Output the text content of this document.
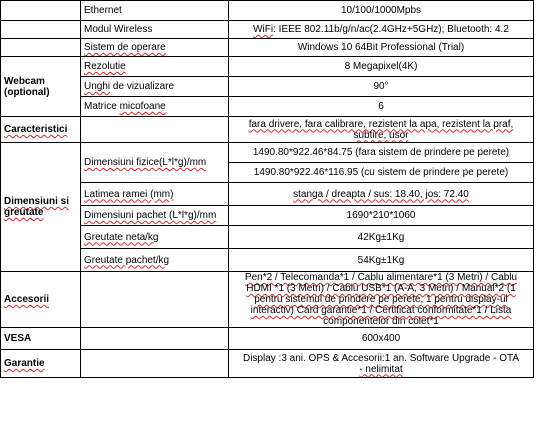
	Ethernet	10/100/1000Mpbs
	Modul Wireless	WiFi: IEEE 802.11b/g/n/ac(2.4GHz+5GHz); Bluetooth: 4.2
	Sistem de operare	Windows 10 64Bit Professional (Trial)
Webcam (optional)	Rezolutie	8 Megapixel(4K)
	Unghi de vizualizare	90°
	Matrice micofoane	6
Caracteristici		fara drivere, fara calibrare, rezistent la apa, rezistent la praf,
subtire, usor
Dimensiuni si greutate	Dimensiuni fizice(L*l*g)/mm	1490.80*922.46*84.75 (fara sistem de prindere pe perete)
		1490.80*922.46*116.95 (cu sistem de prindere pe perete)
	Latimea ramei (mm)	stanga / dreapta / sus: 18.40, jos: 72.40
	Dimensiuni pachet (L*l*g)/mm	1690*210*1060
	Greutate neta/kg	42Kg±1Kg
	Greutate pachet/kg	54Kg±1Kg
Accesorii		Pen*2 / Telecomanda*1 / Cablu alimentare*1 (3 Metri) / Cablu
HDMI *1 (3 Metri) / Cablu USB*1 (A-A, 3 Metri) / Manual*2 (1
pentru sistemul de prindere pe perete, 1 pentru display-ul
interactiv) Card garantie*1 / Certificat conformitate*1 / Lista
componentelor din colet*1
VESA		600x400
Garantie		Display :3 ani. OPS & Accesorii:1 an. Software Upgrade - OTA
- nelimitat
